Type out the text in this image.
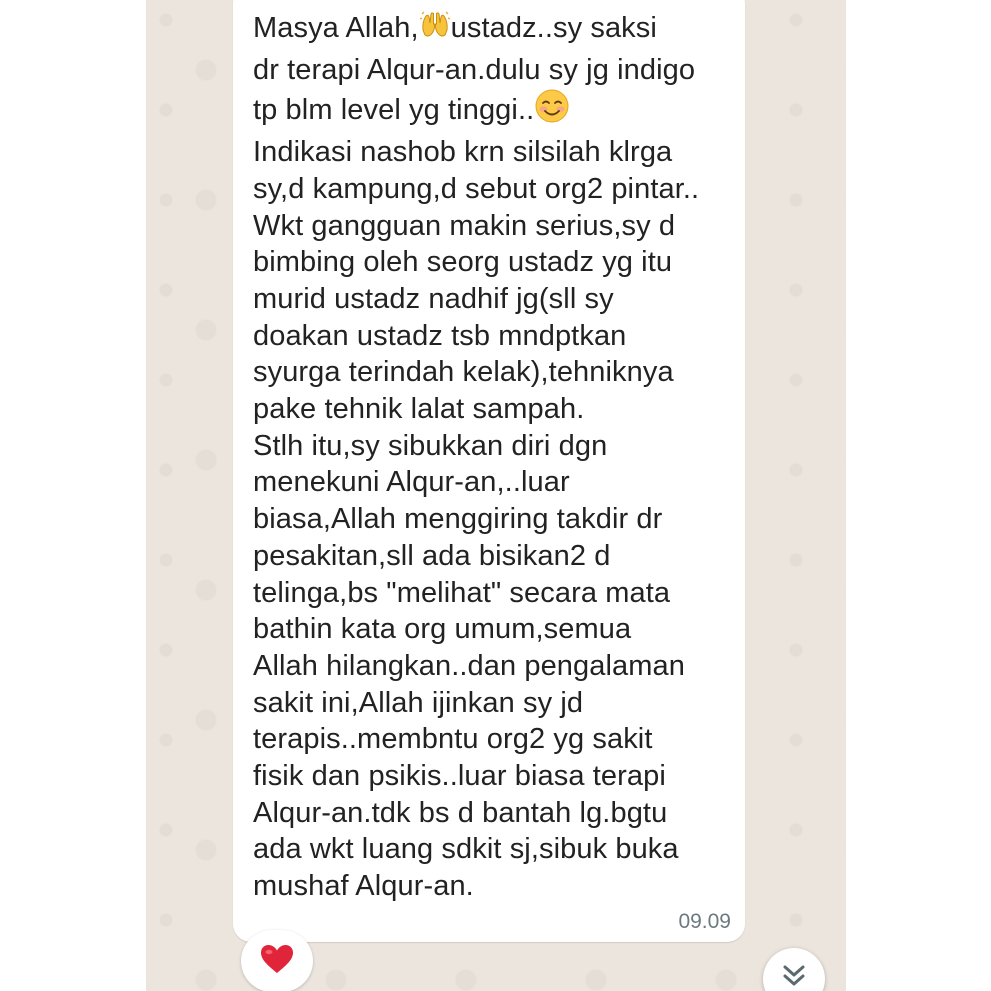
Masya Allah, ustadz..sy saksi
dr terapi Alqur-an.dulu sy jg indigo
tp blm level yg tinggi..
Indikasi nashob krn silsilah klrga
sy,d kampung,d sebut org2 pintar..
Wkt gangguan makin serius,sy d
bimbing oleh seorg ustadz yg itu
murid ustadz nadhif jg(sll sy
doakan ustadz tsb mndptkan
syurga terindah kelak),tehniknya
pake tehnik lalat sampah.
Stlh itu,sy sibukkan diri dgn
menekuni Alqur-an,..luar
biasa,Allah menggiring takdir dr
pesakitan,sll ada bisikan2 d
telinga,bs "melihat" secara mata
bathin kata org umum,semua
Allah hilangkan..dan pengalaman
sakit ini,Allah ijinkan sy jd
terapis..membntu org2 yg sakit
fisik dan psikis..luar biasa terapi
Alqur-an.tdk bs d bantah lg.bgtu
ada wkt luang sdkit sj,sibuk buka
mushaf Alqur-an.
09.09
